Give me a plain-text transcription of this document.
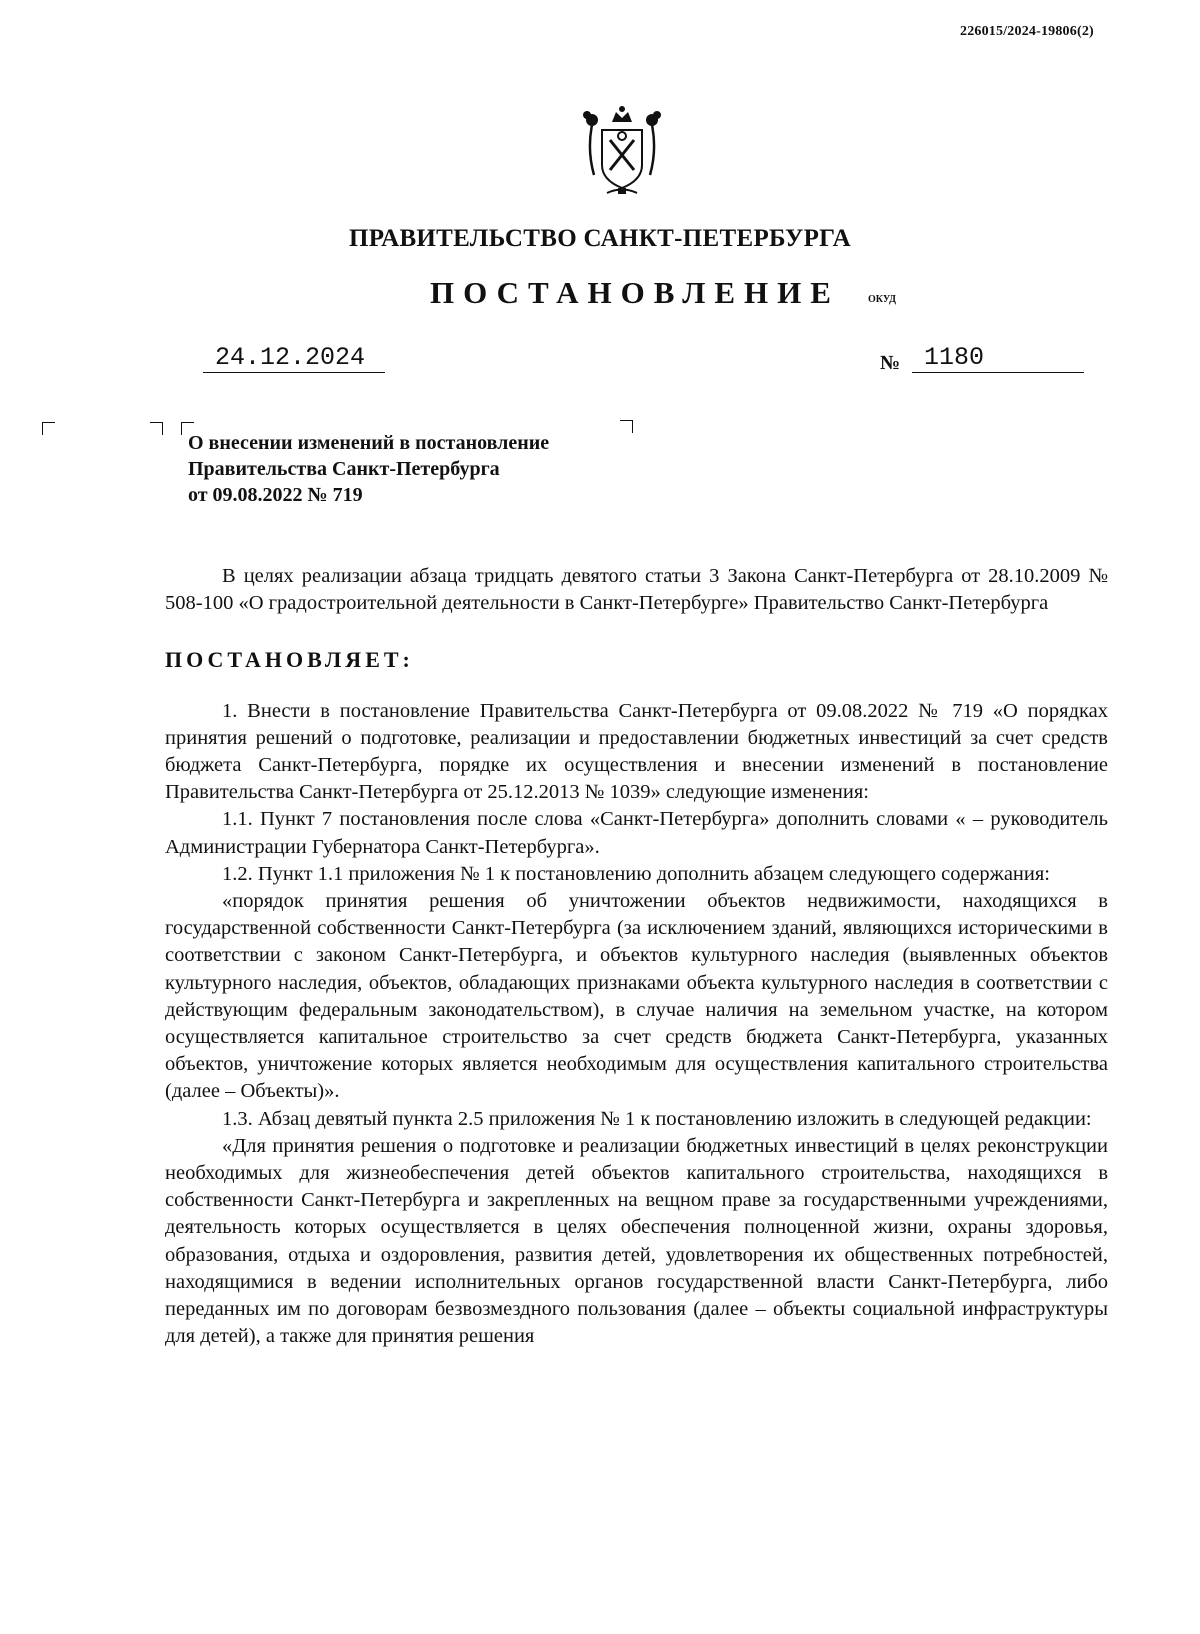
226015/2024-19806(2)
ПРАВИТЕЛЬСТВО САНКТ-ПЕТЕРБУРГА
ПОСТАНОВЛЕНИЕ	ОКУД
24.12.2024	№ 1180
О внесении изменений в постановление
Правительства Санкт-Петербурга
от 09.08.2022 № 719

В целях реализации абзаца тридцать девятого статьи 3 Закона Санкт-Петербурга от 28.10.2009 № 508-100 «О градостроительной деятельности в Санкт-Петербурге» Правительство Санкт-Петербурга

ПОСТАНОВЛЯЕТ:

1. Внести в постановление Правительства Санкт-Петербурга от 09.08.2022 № 719 «О порядках принятия решений о подготовке, реализации и предоставлении бюджетных инвестиций за счет средств бюджета Санкт-Петербурга, порядке их осуществления и внесении изменений в постановление Правительства Санкт-Петербурга от 25.12.2013 № 1039» следующие изменения:

1.1. Пункт 7 постановления после слова «Санкт-Петербурга» дополнить словами « – руководитель Администрации Губернатора Санкт-Петербурга».

1.2. Пункт 1.1 приложения № 1 к постановлению дополнить абзацем следующего содержания:

«порядок принятия решения об уничтожении объектов недвижимости, находящихся в государственной собственности Санкт-Петербурга (за исключением зданий, являющихся историческими в соответствии с законом Санкт-Петербурга, и объектов культурного наследия (выявленных объектов культурного наследия, объектов, обладающих признаками объекта культурного наследия в соответствии с действующим федеральным законодательством), в случае наличия на земельном участке, на котором осуществляется капитальное строительство за счет средств бюджета Санкт-Петербурга, указанных объектов, уничтожение которых является необходимым для осуществления капитального строительства (далее – Объекты)».

1.3. Абзац девятый пункта 2.5 приложения № 1 к постановлению изложить в следующей редакции:

«Для принятия решения о подготовке и реализации бюджетных инвестиций в целях реконструкции необходимых для жизнеобеспечения детей объектов капитального строительства, находящихся в собственности Санкт-Петербурга и закрепленных на вещном праве за государственными учреждениями, деятельность которых осуществляется в целях обеспечения полноценной жизни, охраны здоровья, образования, отдыха и оздоровления, развития детей, удовлетворения их общественных потребностей, находящимися в ведении исполнительных органов государственной власти Санкт-Петербурга, либо переданных им по договорам безвозмездного пользования (далее – объекты социальной инфраструктуры для детей), а также для принятия решения
